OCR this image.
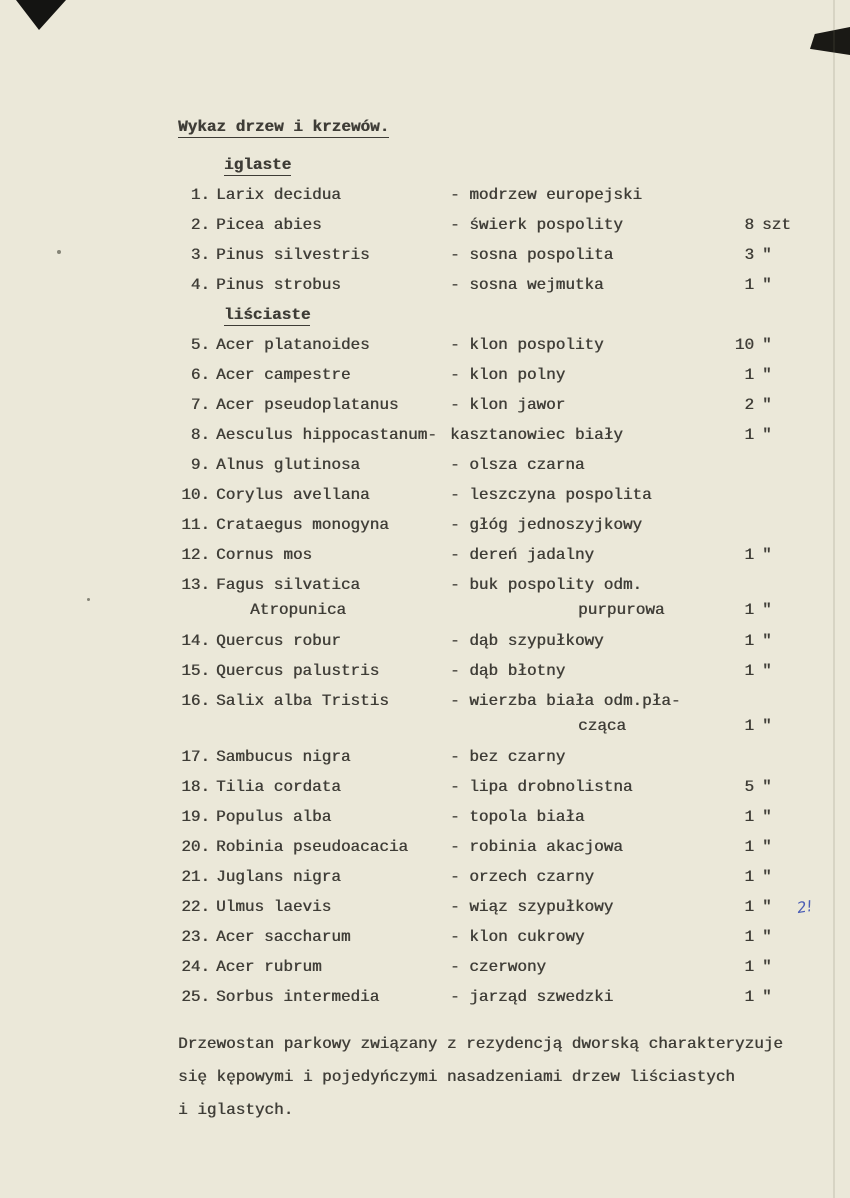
Wykaz drzew i krzewów.
iglaste
1. Larix decidua	- modrzew europejski
2. Picea abies	- świerk pospolity	8 szt
3. Pinus silvestris	- sosna pospolita	3 "
4. Pinus strobus	- sosna wejmutka	1 "
liściaste
5. Acer platanoides	- klon pospolity	10 "
6. Acer campestre	- klon polny	1 "
7. Acer pseudoplatanus	- klon jawor	2 "
8. Aesculus hippocastanum- kasztanowiec biały	1 "
9. Alnus glutinosa	- olsza czarna
10. Corylus avellana	- leszczyna pospolita
11. Crataegus monogyna	- głóg jednoszyjkowy
12. Cornus mos	- dereń jadalny	1 "
13. Fagus silvatica	- buk pospolity odm.
Atropunica	purpurowa	1 "
14. Quercus robur	- dąb szypułkowy	1 "
15. Quercus palustris	- dąb błotny	1 "
16. Salix alba Tristis	- wierzba biała odm.pła-
cząca	1 "
17. Sambucus nigra	- bez czarny
18. Tilia cordata	- lipa drobnolistna	5 "
19. Populus alba	- topola biała	1 "
20. Robinia pseudoacacia	- robinia akacjowa	1 "
21. Juglans nigra	- orzech czarny	1 "
22. Ulmus laevis	- wiąz szypułkowy	1 "
23. Acer saccharum	- klon cukrowy	1 "
24. Acer rubrum	- czerwony	1 "
25. Sorbus intermedia	- jarząd szwedzki	1 "
Drzewostan parkowy związany z rezydencją dworską charakteryzuje
się kępowymi i pojedyńczymi nasadzeniami drzew liściastych
i iglastych.
2!
